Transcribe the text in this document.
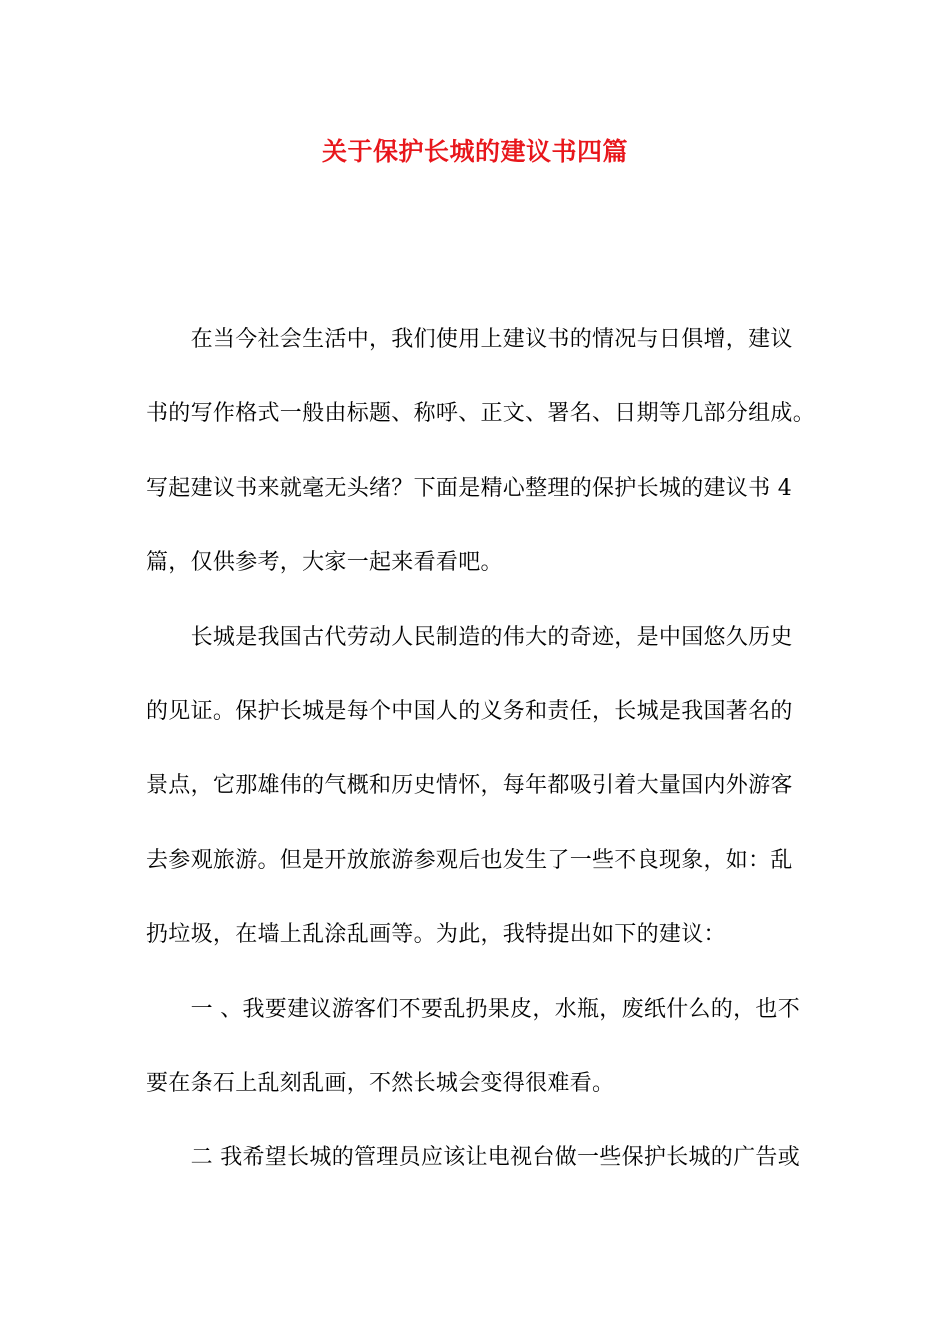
关于保护长城的建议书四篇
　　在当今社会生活中，我们使用上建议书的情况与日俱增，建议
书的写作格式一般由标题、称呼、正文、署名、日期等几部分组成。
写起建议书来就毫无头绪？下面是精心整理的保护长城的建议书 4
篇，仅供参考，大家一起来看看吧。
　　长城是我国古代劳动人民制造的伟大的奇迹，是中国悠久历史
的见证。保护长城是每个中国人的义务和责任，长城是我国著名的
景点，它那雄伟的气概和历史情怀，每年都吸引着大量国内外游客
去参观旅游。但是开放旅游参观后也发生了一些不良现象，如：乱
扔垃圾，在墙上乱涂乱画等。为此，我特提出如下的建议：
　　一 、我要建议游客们不要乱扔果皮，水瓶，废纸什么的，也不
要在条石上乱刻乱画，不然长城会变得很难看。
　　二 我希望长城的管理员应该让电视台做一些保护长城的广告或
